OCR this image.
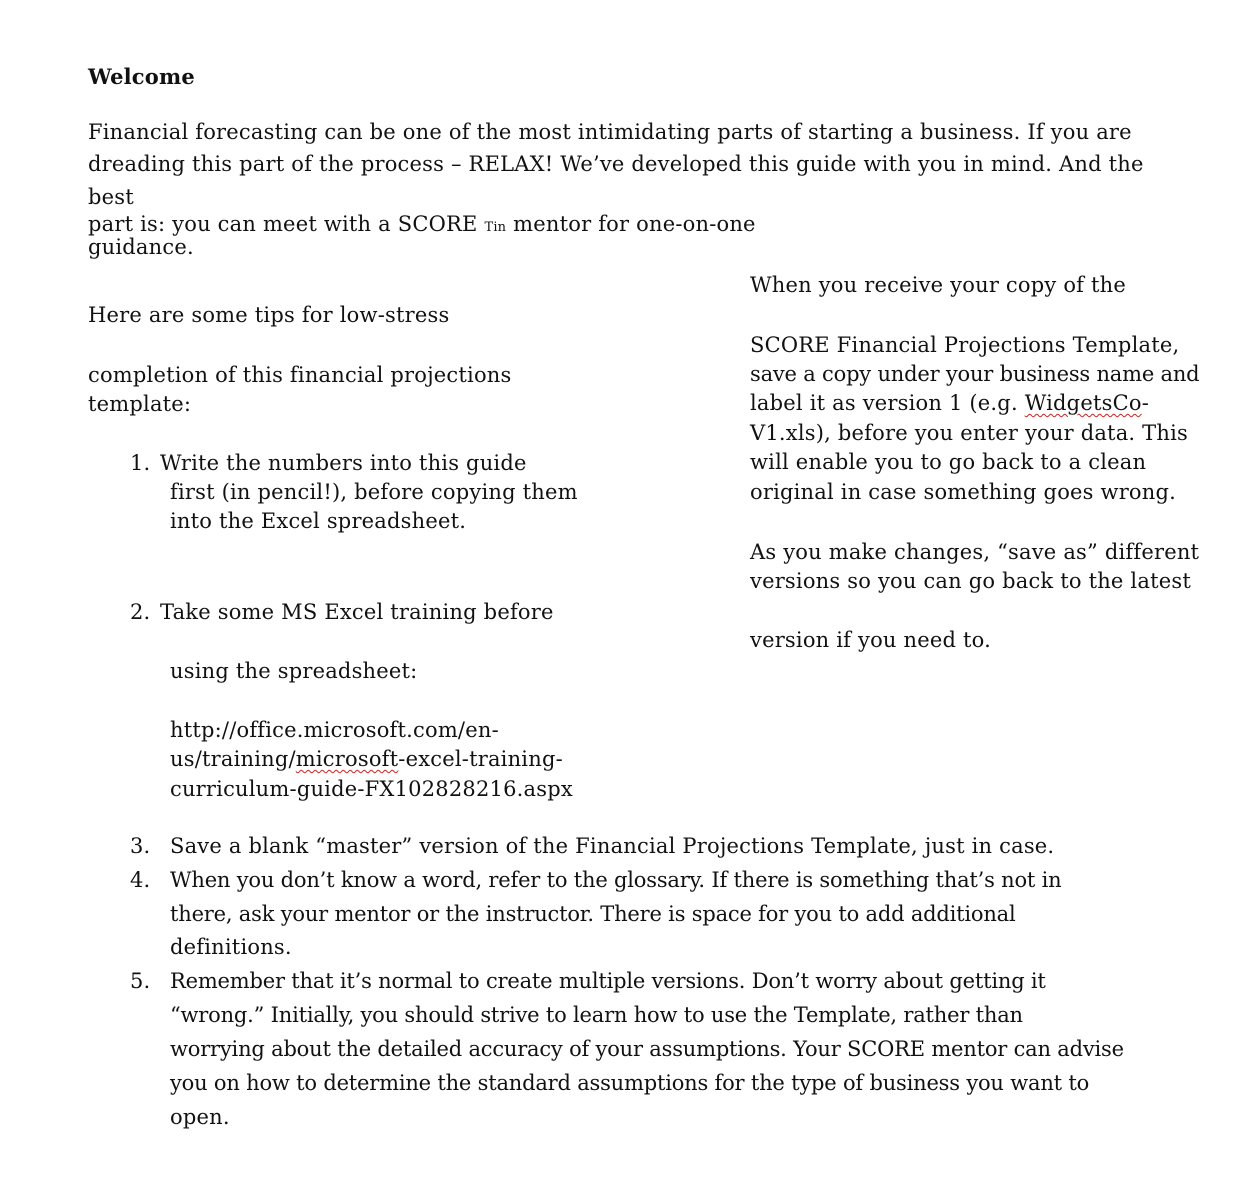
Welcome
Financial forecasting can be one of the most intimidating parts of starting a business. If you are
dreading this part of the process – RELAX! We’ve developed this guide with you in mind. And the
best
part is: you can meet with a SCORE Tin mentor for one-on-one
guidance.
Here are some tips for low-stress
completion of this financial projections
template:
1. Write the numbers into this guide
first (in pencil!), before copying them
into the Excel spreadsheet.
2. Take some MS Excel training before
using the spreadsheet:
http://office.microsoft.com/en-
us/training/microsoft-excel-training-
curriculum-guide-FX102828216.aspx
When you receive your copy of the
SCORE Financial Projections Template,
save a copy under your business name and
label it as version 1 (e.g. WidgetsCo-
V1.xls), before you enter your data. This
will enable you to go back to a clean
original in case something goes wrong.
As you make changes, “save as” different
versions so you can go back to the latest
version if you need to.
3. Save a blank “master” version of the Financial Projections Template, just in case.
4. When you don’t know a word, refer to the glossary. If there is something that’s not in
there, ask your mentor or the instructor. There is space for you to add additional
definitions.
5. Remember that it’s normal to create multiple versions. Don’t worry about getting it
“wrong.” Initially, you should strive to learn how to use the Template, rather than
worrying about the detailed accuracy of your assumptions. Your SCORE mentor can advise
you on how to determine the standard assumptions for the type of business you want to
open.
